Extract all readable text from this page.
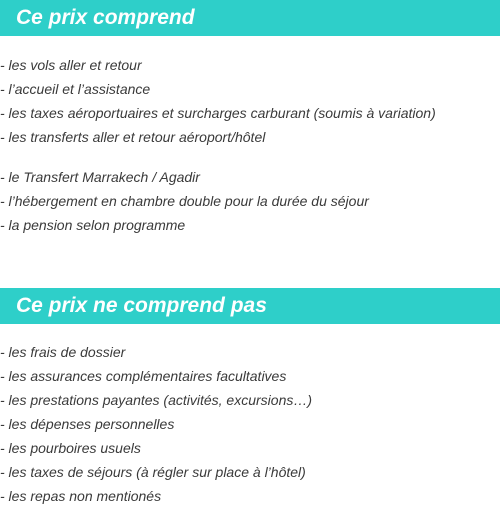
Ce prix comprend
- les vols aller et retour
- l’accueil et l’assistance
- les taxes aéroportuaires et surcharges carburant (soumis à variation)
- les transferts aller et retour aéroport/hôtel
- le Transfert Marrakech / Agadir
- l’hébergement en chambre double pour la durée du séjour
- la pension selon programme
Ce prix ne comprend pas
- les frais de dossier
- les assurances complémentaires facultatives
- les prestations payantes (activités, excursions…)
- les dépenses personnelles
- les pourboires usuels
- les taxes de séjours (à régler sur place à l’hôtel)
- les repas non mentionés
